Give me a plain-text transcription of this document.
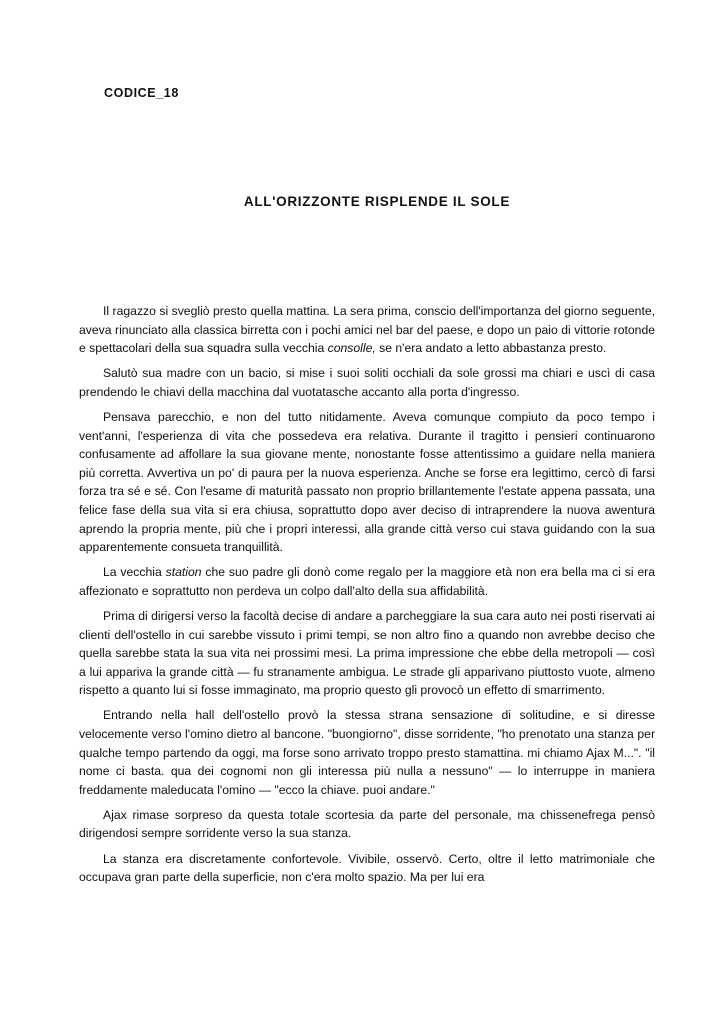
CODICE_18
ALL'ORIZZONTE RISPLENDE IL SOLE

Il ragazzo si svegliò presto quella mattina. La sera prima, conscio dell'importanza del giorno seguente, aveva rinunciato alla classica birretta con i pochi amici nel bar del paese, e dopo un paio di vittorie rotonde e spettacolari della sua squadra sulla vecchia consolle, se n'era andato a letto abbastanza presto.

Salutò sua madre con un bacio, si mise i suoi soliti occhiali da sole grossi ma chiari e uscì di casa prendendo le chiavi della macchina dal vuotatasche accanto alla porta d'ingresso.

Pensava parecchio, e non del tutto nitidamente. Aveva comunque compiuto da poco tempo i vent'anni, l'esperienza di vita che possedeva era relativa. Durante il tragitto i pensieri continuarono confusamente ad affollare la sua giovane mente, nonostante fosse attentissimo a guidare nella maniera più corretta. Avvertiva un po' di paura per la nuova esperienza. Anche se forse era legittimo, cercò di farsi forza tra sé e sé. Con l'esame di maturità passato non proprio brillantemente l'estate appena passata, una felice fase della sua vita si era chiusa, soprattutto dopo aver deciso di intraprendere la nuova awentura aprendo la propria mente, più che i propri interessi, alla grande città verso cui stava guidando con la sua apparentemente consueta tranquillità.

La vecchia station che suo padre gli donò come regalo per la maggiore età non era bella ma ci si era affezionato e soprattutto non perdeva un colpo dall'alto della sua affidabilità.

Prima di dirigersi verso la facoltà decise di andare a parcheggiare la sua cara auto nei posti riservati ai clienti dell'ostello in cui sarebbe vissuto i primi tempi, se non altro fino a quando non avrebbe deciso che quella sarebbe stata la sua vita nei prossimi mesi. La prima impressione che ebbe della metropoli — così a lui appariva la grande città — fu stranamente ambigua. Le strade gli apparivano piuttosto vuote, almeno rispetto a quanto lui si fosse immaginato, ma proprio questo gli provocò un effetto di smarrimento.

Entrando nella hall dell'ostello provò la stessa strana sensazione di solitudine, e si diresse velocemente verso l'omino dietro al bancone. "buongiorno", disse sorridente, "ho prenotato una stanza per qualche tempo partendo da oggi, ma forse sono arrivato troppo presto stamattina. mi chiamo Ajax M...". "il nome ci basta. qua dei cognomi non gli interessa più nulla a nessuno" — lo interruppe in maniera freddamente maleducata l'omino — "ecco la chiave. puoi andare."

Ajax rimase sorpreso da questa totale scortesia da parte del personale, ma chissenefrega pensò dirigendosi sempre sorridente verso la sua stanza.

La stanza era discretamente confortevole. Vivibile, osservò. Certo, oltre il letto matrimoniale che occupava gran parte della superficie, non c'era molto spazio. Ma per lui era
